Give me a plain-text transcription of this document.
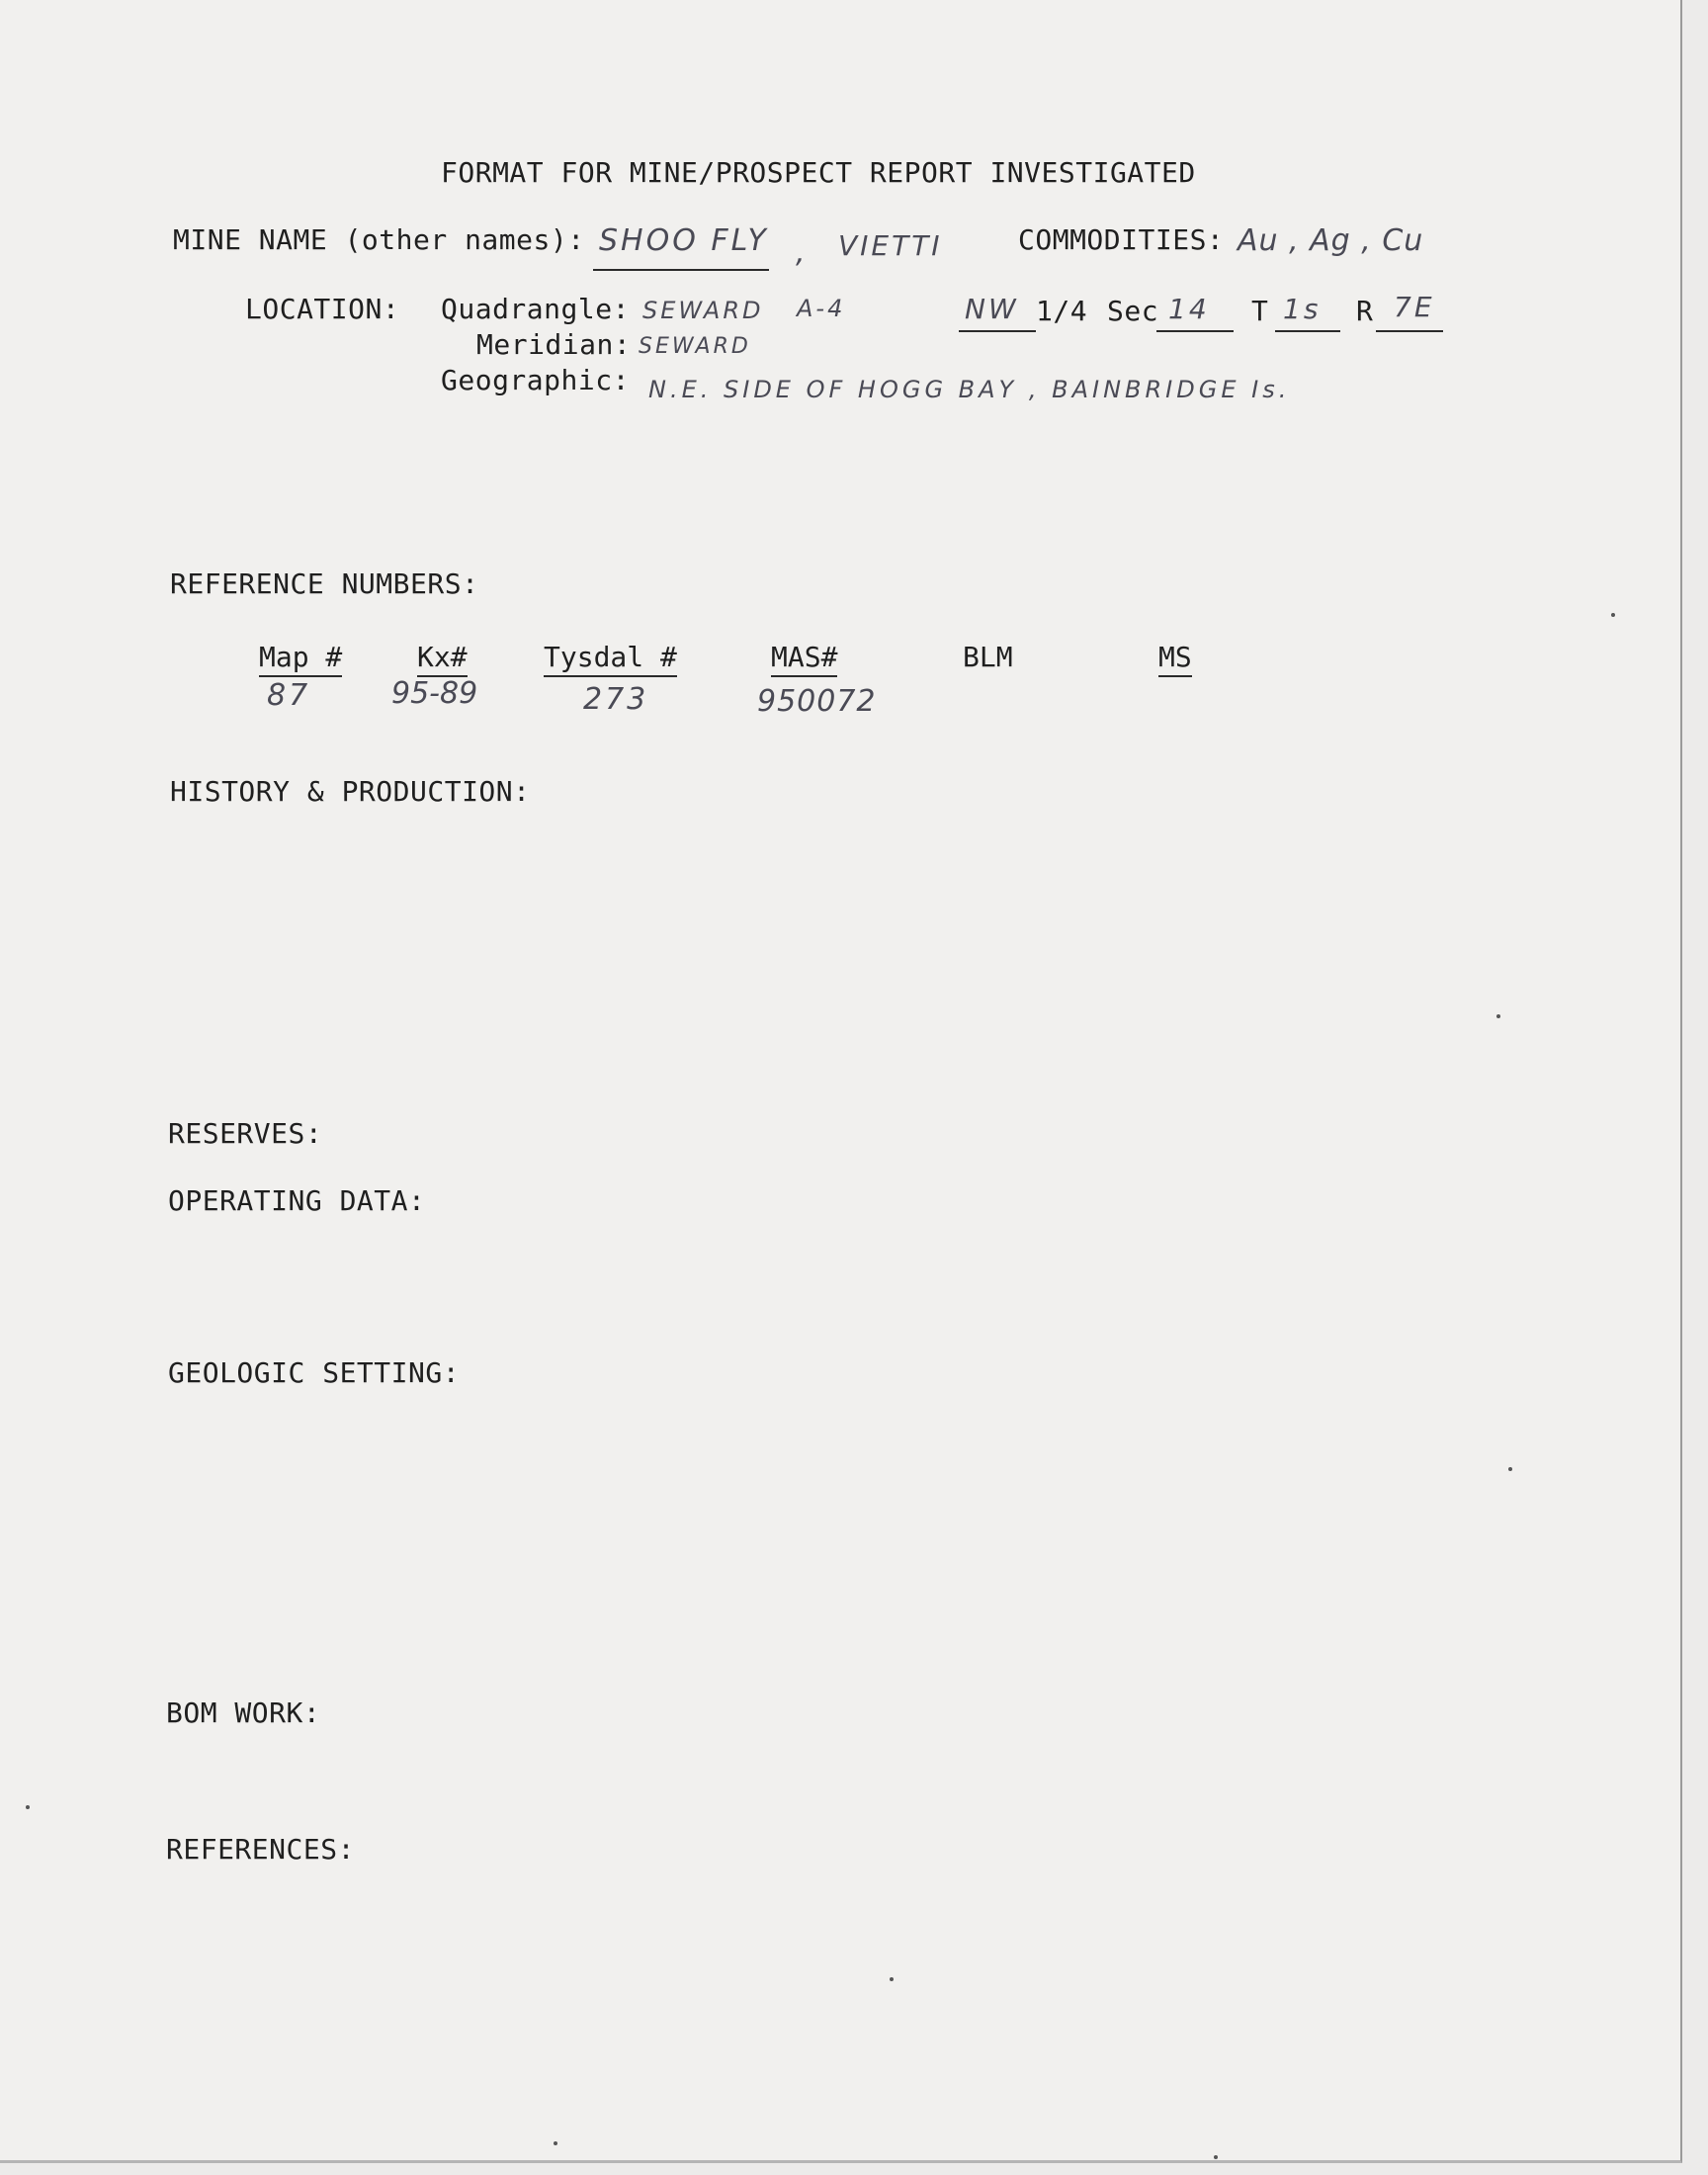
FORMAT FOR MINE/PROSPECT REPORT INVESTIGATED
MINE NAME (other names): SHOO FLY , VIETTI	COMMODITIES: Au , Ag , Cu
LOCATION: Quadrangle: SEWARD A-4	NW 1/4 Sec 14 T 1s R 7E
Meridian: SEWARD
Geographic: N.E. SIDE OF HOGG BAY , BAINBRIDGE Is.
REFERENCE NUMBERS:
Map #	Kx#	Tysdal #	MAS#	BLM	MS
87	95-89	273	950072
HISTORY & PRODUCTION:
RESERVES:
OPERATING DATA:
GEOLOGIC SETTING:
BOM WORK:
REFERENCES:
